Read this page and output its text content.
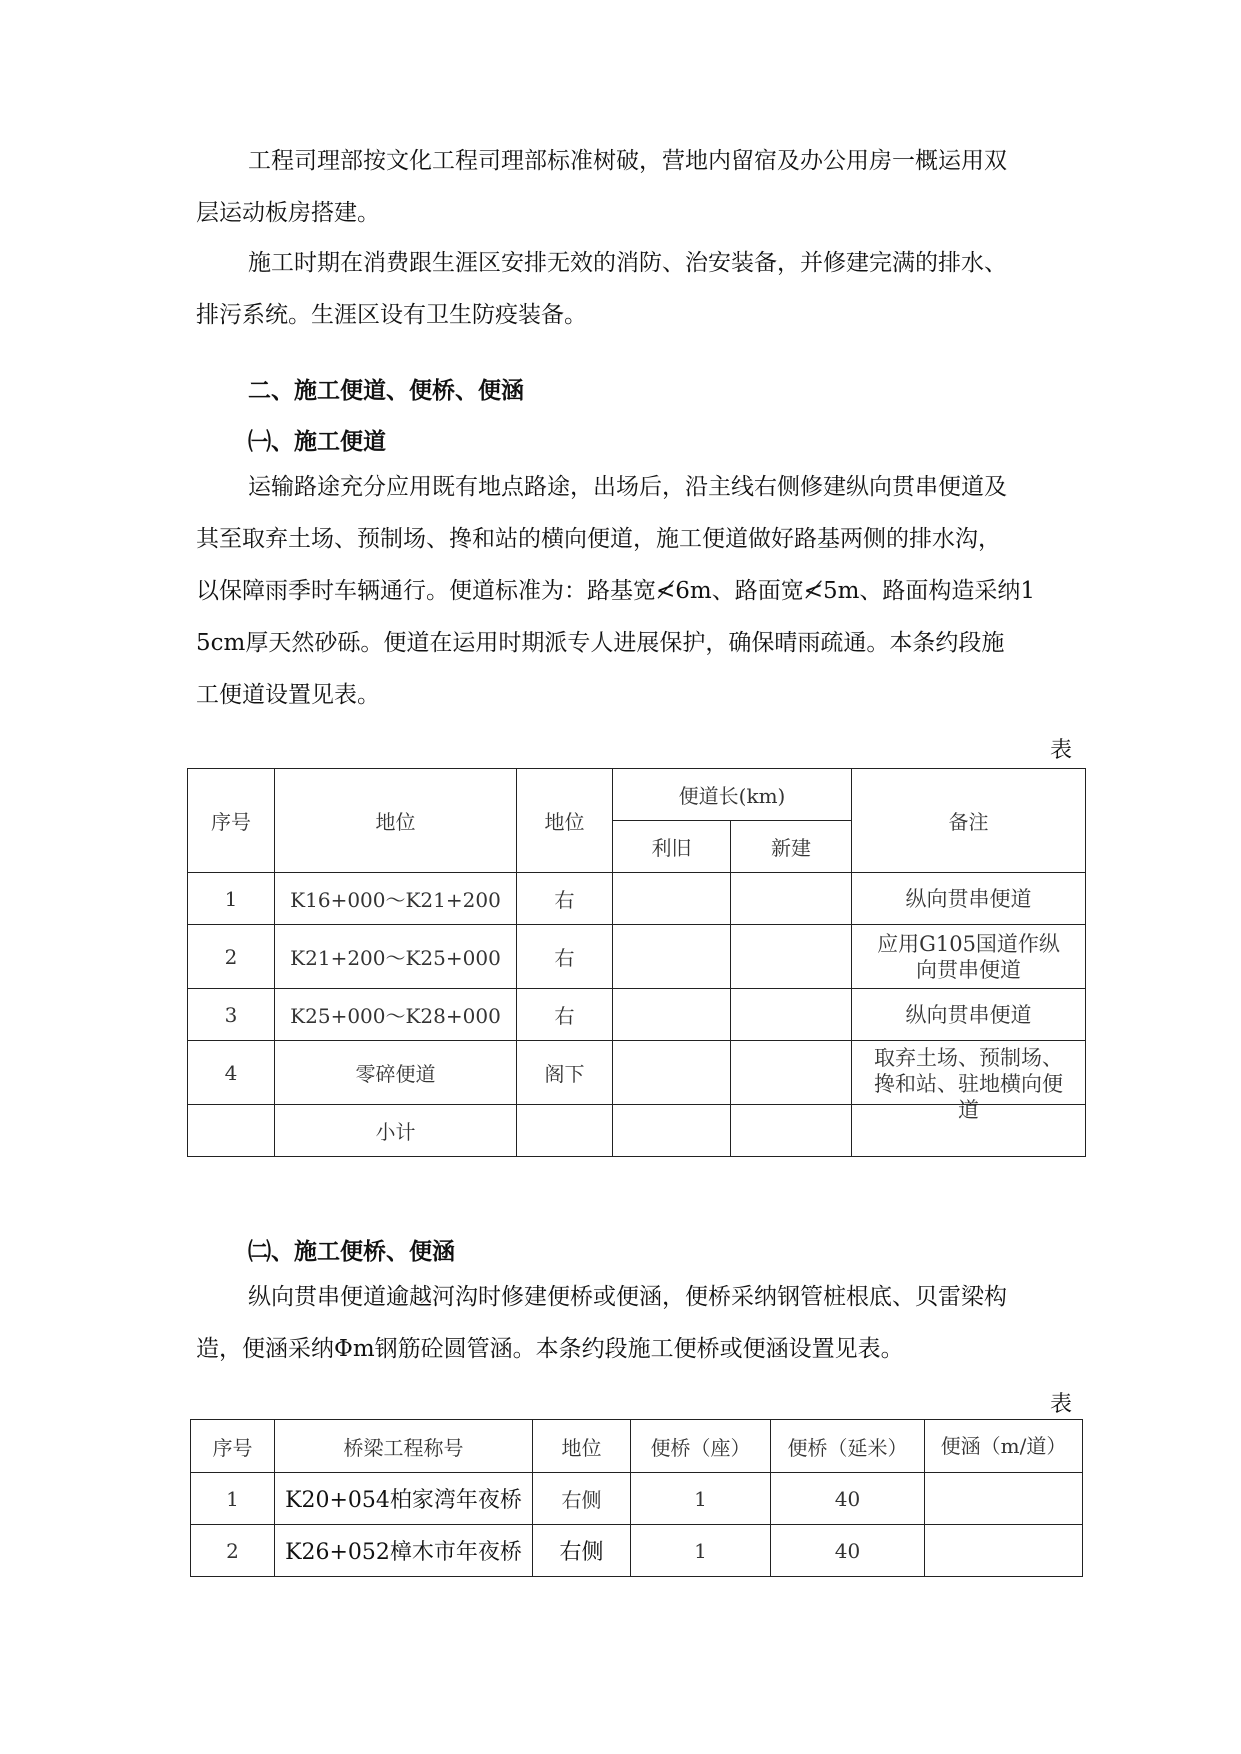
工程司理部按文化工程司理部标准树破，营地内留宿及办公用房一概运用双
层运动板房搭建。
施工时期在消费跟生涯区安排无效的消防、治安装备，并修建完满的排水、
排污系统。生涯区设有卫生防疫装备。
二、施工便道、便桥、便涵
㈠、施工便道
运输路途充分应用既有地点路途，出场后，沿主线右侧修建纵向贯串便道及
其至取弃土场、预制场、搀和站的横向便道，施工便道做好路基两侧的排水沟，
以保障雨季时车辆通行。便道标准为：路基宽≮6m、路面宽≮5m、路面构造采纳1
5cm厚天然砂砾。便道在运用时期派专人进展保护，确保晴雨疏通。本条约段施
工便道设置见表。
表
序号	地位	地位	便道长(km)		备注
			利旧	新建	
1	K16+000～K21+200	右			纵向贯串便道
2	K21+200～K25+000	右			应用G105国道作纵向贯串便道

3	K25+000～K28+000	右			纵向贯串便道
4	零碎便道	阁下			取弃土场、预制场、搀和站、驻地横向便道

	小计				
㈡、施工便桥、便涵
纵向贯串便道逾越河沟时修建便桥或便涵，便桥采纳钢管桩根底、贝雷梁构
造，便涵采纳Φm钢筋砼圆管涵。本条约段施工便桥或便涵设置见表。
表
序号	桥梁工程称号	地位	便桥（座）	便桥（延米）	便涵（m/道）
1	K20+054柏家湾年夜桥	右侧	1	40	
2	K26+052樟木市年夜桥	右侧	1	40	
